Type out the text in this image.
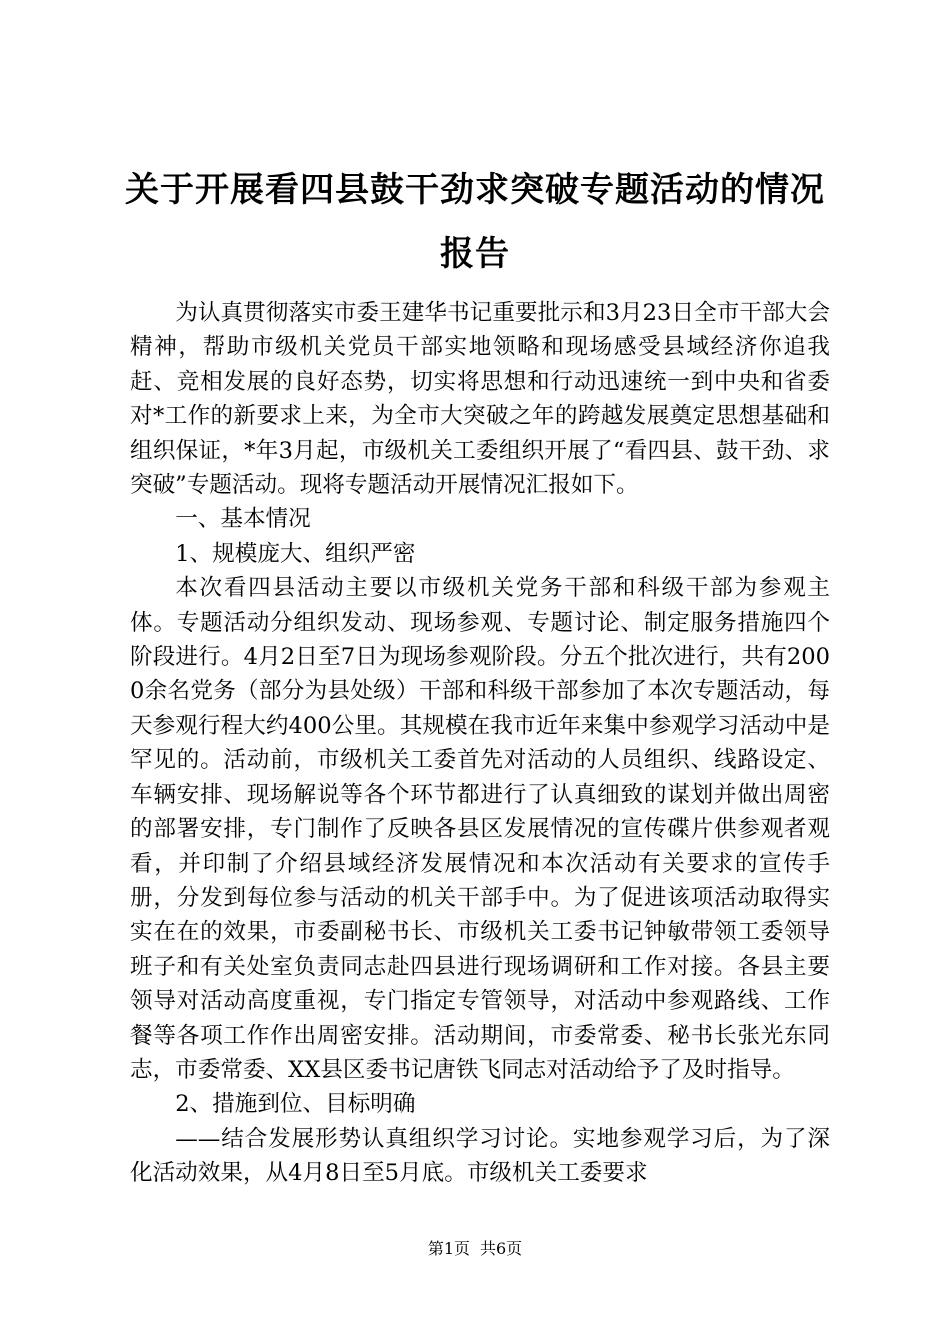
关于开展看四县鼓干劲求突破专题活动的情况报告

为认真贯彻落实市委王建华书记重要批示和3月23日全市干部大会精神，帮助市级机关党员干部实地领略和现场感受县域经济你追我赶、竞相发展的良好态势，切实将思想和行动迅速统一到中央和省委对*工作的新要求上来，为全市大突破之年的跨越发展奠定思想基础和组织保证，*年3月起，市级机关工委组织开展了“看四县、鼓干劲、求突破”专题活动。现将专题活动开展情况汇报如下。

一、基本情况

1、规模庞大、组织严密

本次看四县活动主要以市级机关党务干部和科级干部为参观主体。专题活动分组织发动、现场参观、专题讨论、制定服务措施四个阶段进行。4月2日至7日为现场参观阶段。分五个批次进行，共有2000余名党务（部分为县处级）干部和科级干部参加了本次专题活动，每天参观行程大约400公里。其规模在我市近年来集中参观学习活动中是罕见的。活动前，市级机关工委首先对活动的人员组织、线路设定、车辆安排、现场解说等各个环节都进行了认真细致的谋划并做出周密的部署安排，专门制作了反映各县区发展情况的宣传碟片供参观者观看，并印制了介绍县域经济发展情况和本次活动有关要求的宣传手册，分发到每位参与活动的机关干部手中。为了促进该项活动取得实实在在的效果，市委副秘书长、市级机关工委书记钟敏带领工委领导班子和有关处室负责同志赴四县进行现场调研和工作对接。各县主要领导对活动高度重视，专门指定专管领导，对活动中参观路线、工作餐等各项工作作出周密安排。活动期间，市委常委、秘书长张光东同志，市委常委、XX县区委书记唐铁飞同志对活动给予了及时指导。

2、措施到位、目标明确

——结合发展形势认真组织学习讨论。实地参观学习后，为了深化活动效果，从4月8日至5月底。市级机关工委要求

第1页 共6页
